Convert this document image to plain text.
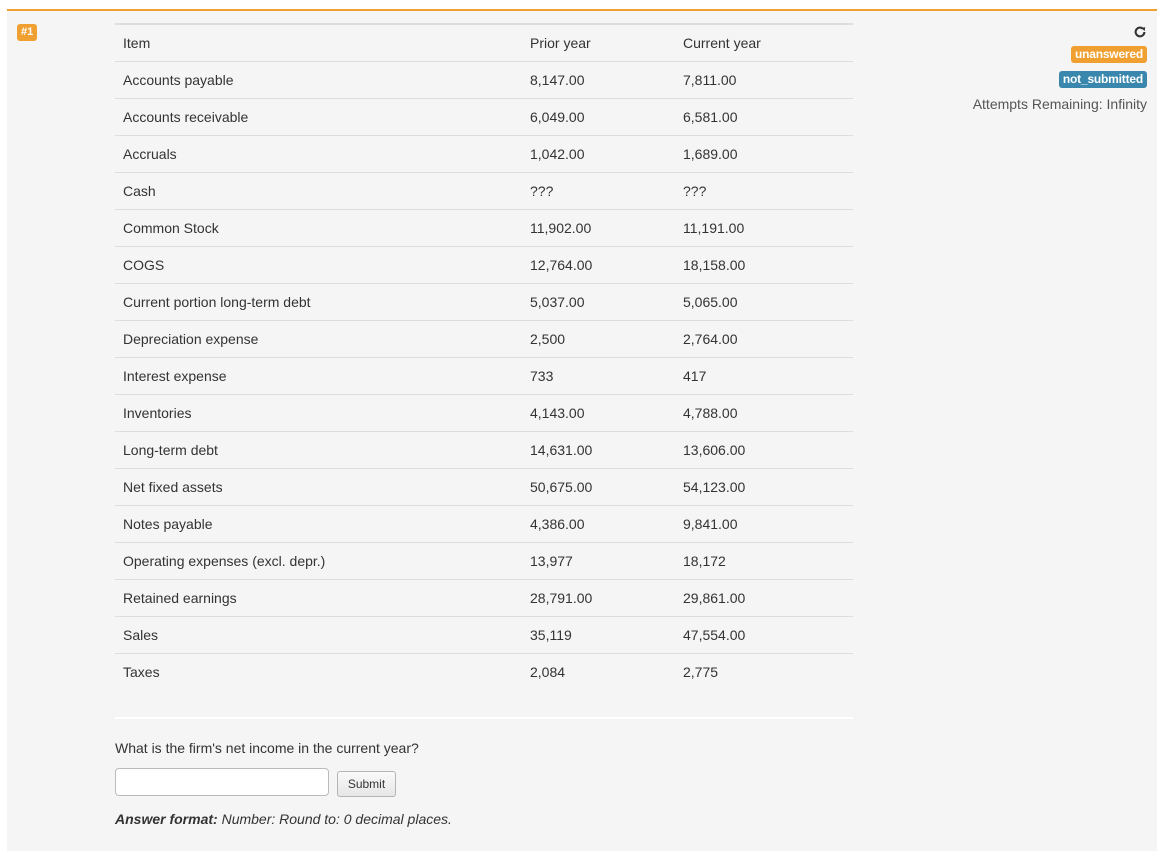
#1
unanswered
not_submitted
Attempts Remaining: Infinity
Item	Prior year	Current year
Accounts payable	8,147.00	7,811.00
Accounts receivable	6,049.00	6,581.00
Accruals	1,042.00	1,689.00
Cash	???	???
Common Stock	11,902.00	11,191.00
COGS	12,764.00	18,158.00
Current portion long-term debt	5,037.00	5,065.00
Depreciation expense	2,500	2,764.00
Interest expense	733	417
Inventories	4,143.00	4,788.00
Long-term debt	14,631.00	13,606.00
Net fixed assets	50,675.00	54,123.00
Notes payable	4,386.00	9,841.00
Operating expenses (excl. depr.)	13,977	18,172
Retained earnings	28,791.00	29,861.00
Sales	35,119	47,554.00
Taxes	2,084	2,775
What is the firm's net income in the current year?
Submit
Answer format: Number: Round to: 0 decimal places.
